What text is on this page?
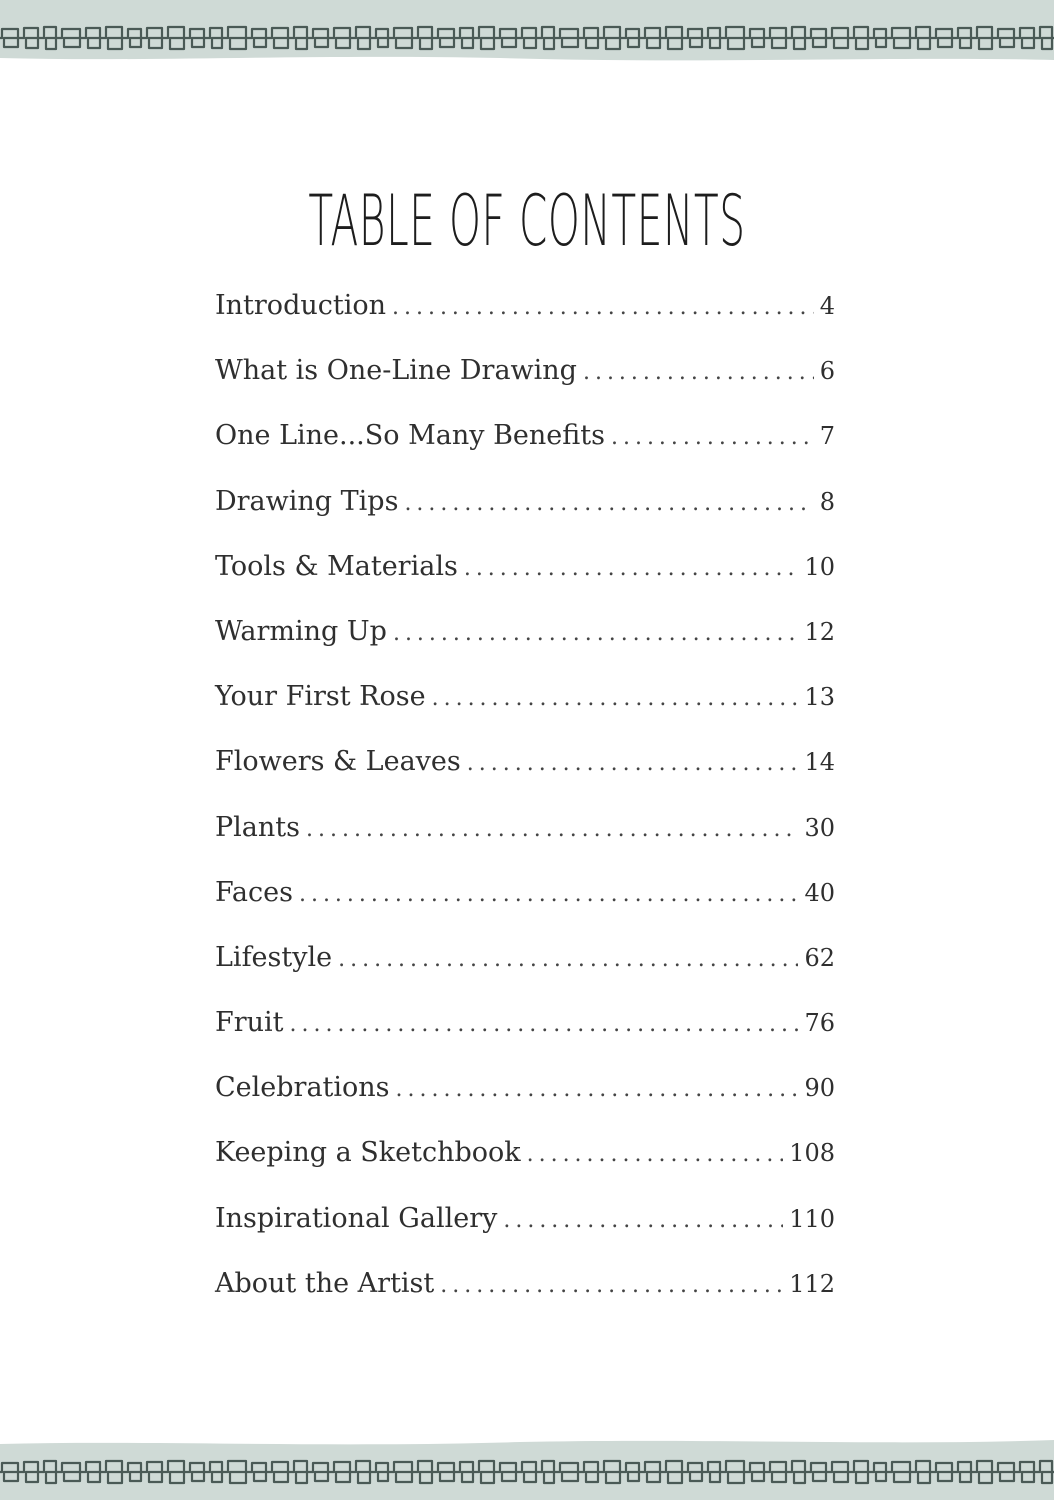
TABLE OF CONTENTS
Introduction . . .	4
What is One-Line Drawing . . .	6
One Line...So Many Benefits . . .	7
Drawing Tips . . .	8
Tools & Materials . . .	10
Warming Up . . .	12
Your First Rose . . .	13
Flowers & Leaves . . .	14
Plants . . .	30
Faces . . .	40
Lifestyle . . .	62
Fruit . . .	76
Celebrations . . .	90
Keeping a Sketchbook . . .	108
Inspirational Gallery . . .	110
About the Artist . . .	112
